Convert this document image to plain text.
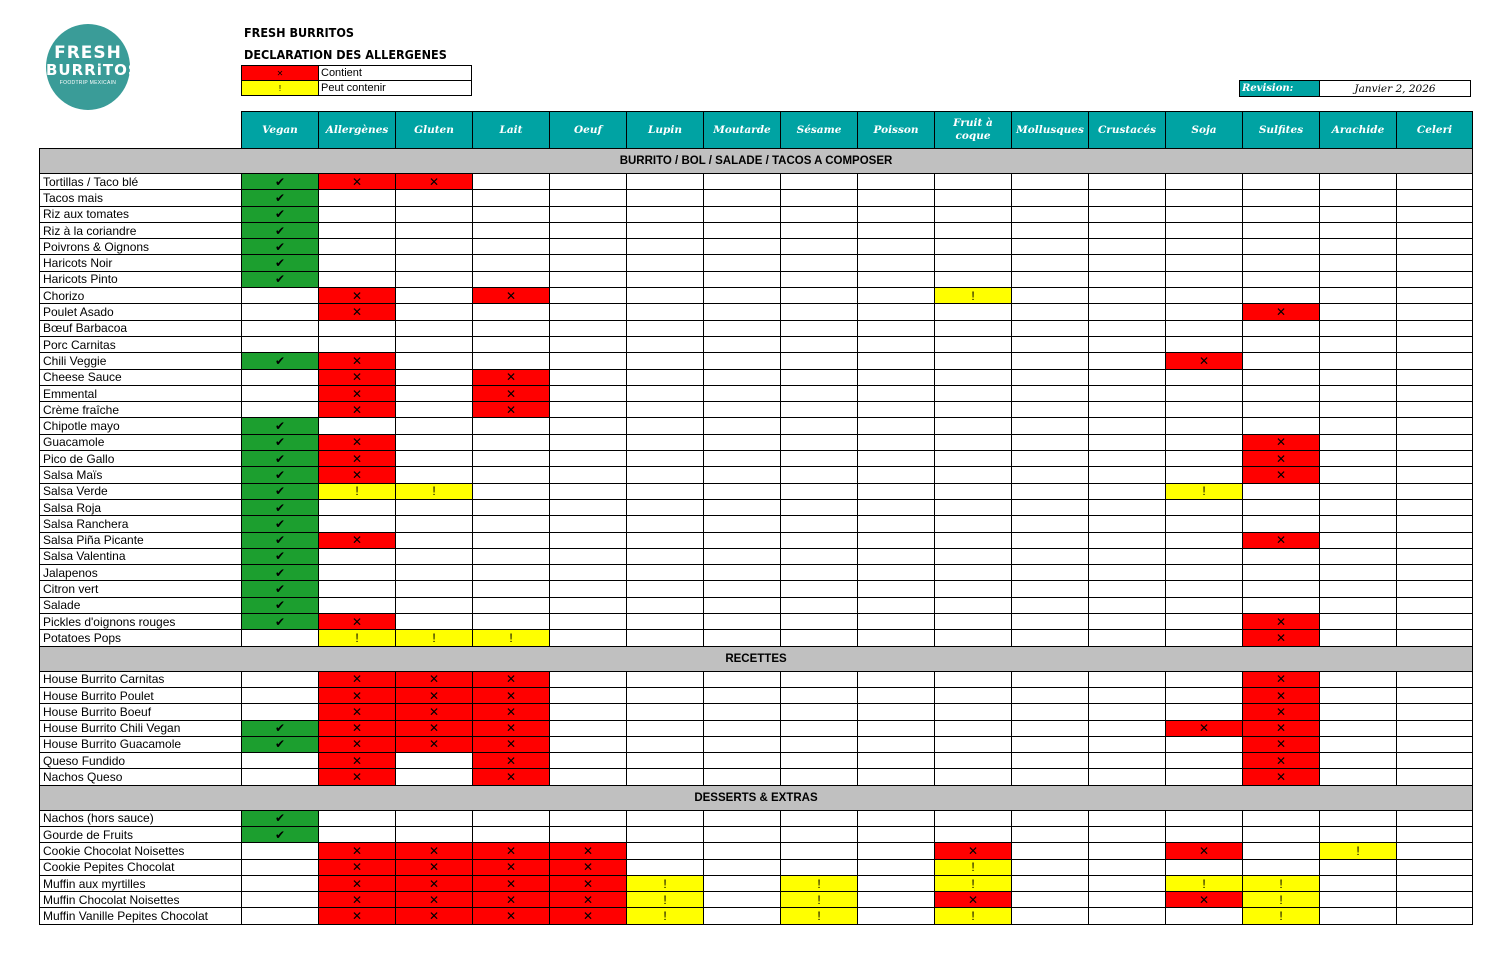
FRESH
BURRiTOS
FOODTRIP MEXICAIN
FRESH BURRITOS
DECLARATION DES ALLERGENES
✕	Contient
!	Peut contenir	Revision:	Janvier 2, 2026
	Vegan	Allergènes	Gluten	Lait	Oeuf	Lupin	Moutarde	Sésame	Poisson	Fruit à coque	Mollusques	Crustacés	Soja	Sulfites	Arachide	Celeri
BURRITO / BOL / SALADE / TACOS A COMPOSER																
Tortillas / Taco blé	✔	✕	✕													
Tacos mais	✔															
Riz aux tomates	✔															
Riz à la coriandre	✔															
Poivrons & Oignons	✔															
Haricots Noir	✔															
Haricots Pinto	✔															
Chorizo		✕		✕						!						
Poulet Asado		✕												✕		
Bœuf Barbacoa																
Porc Carnitas																
Chili Veggie	✔	✕											✕			
Cheese Sauce		✕		✕												
Emmental		✕		✕												
Crème fraîche		✕		✕												
Chipotle mayo	✔															
Guacamole	✔	✕												✕		
Pico de Gallo	✔	✕												✕		
Salsa Maïs	✔	✕												✕		
Salsa Verde	✔	!	!										!			
Salsa Roja	✔															
Salsa Ranchera	✔															
Salsa Piña Picante	✔	✕												✕		
Salsa Valentina	✔															
Jalapenos	✔															
Citron vert	✔															
Salade	✔															
Pickles d'oignons rouges	✔	✕												✕		
Potatoes Pops		!	!	!										✕		
RECETTES																
House Burrito Carnitas		✕	✕	✕										✕		
House Burrito Poulet		✕	✕	✕										✕		
House Burrito Boeuf		✕	✕	✕										✕		
House Burrito Chili Vegan	✔	✕	✕	✕									✕	✕		
House Burrito Guacamole	✔	✕	✕	✕										✕		
Queso Fundido		✕		✕										✕		
Nachos Queso		✕		✕										✕		
DESSERTS & EXTRAS																
Nachos (hors sauce)	✔															
Gourde de Fruits	✔															
Cookie Chocolat Noisettes		✕	✕	✕	✕					✕			✕		!	
Cookie Pepites Chocolat		✕	✕	✕	✕					!						
Muffin aux myrtilles		✕	✕	✕	✕	!		!		!			!	!		
Muffin Chocolat Noisettes		✕	✕	✕	✕	!		!		✕			✕	!		
Muffin Vanille Pepites Chocolat		✕	✕	✕	✕	!		!		!				!		
